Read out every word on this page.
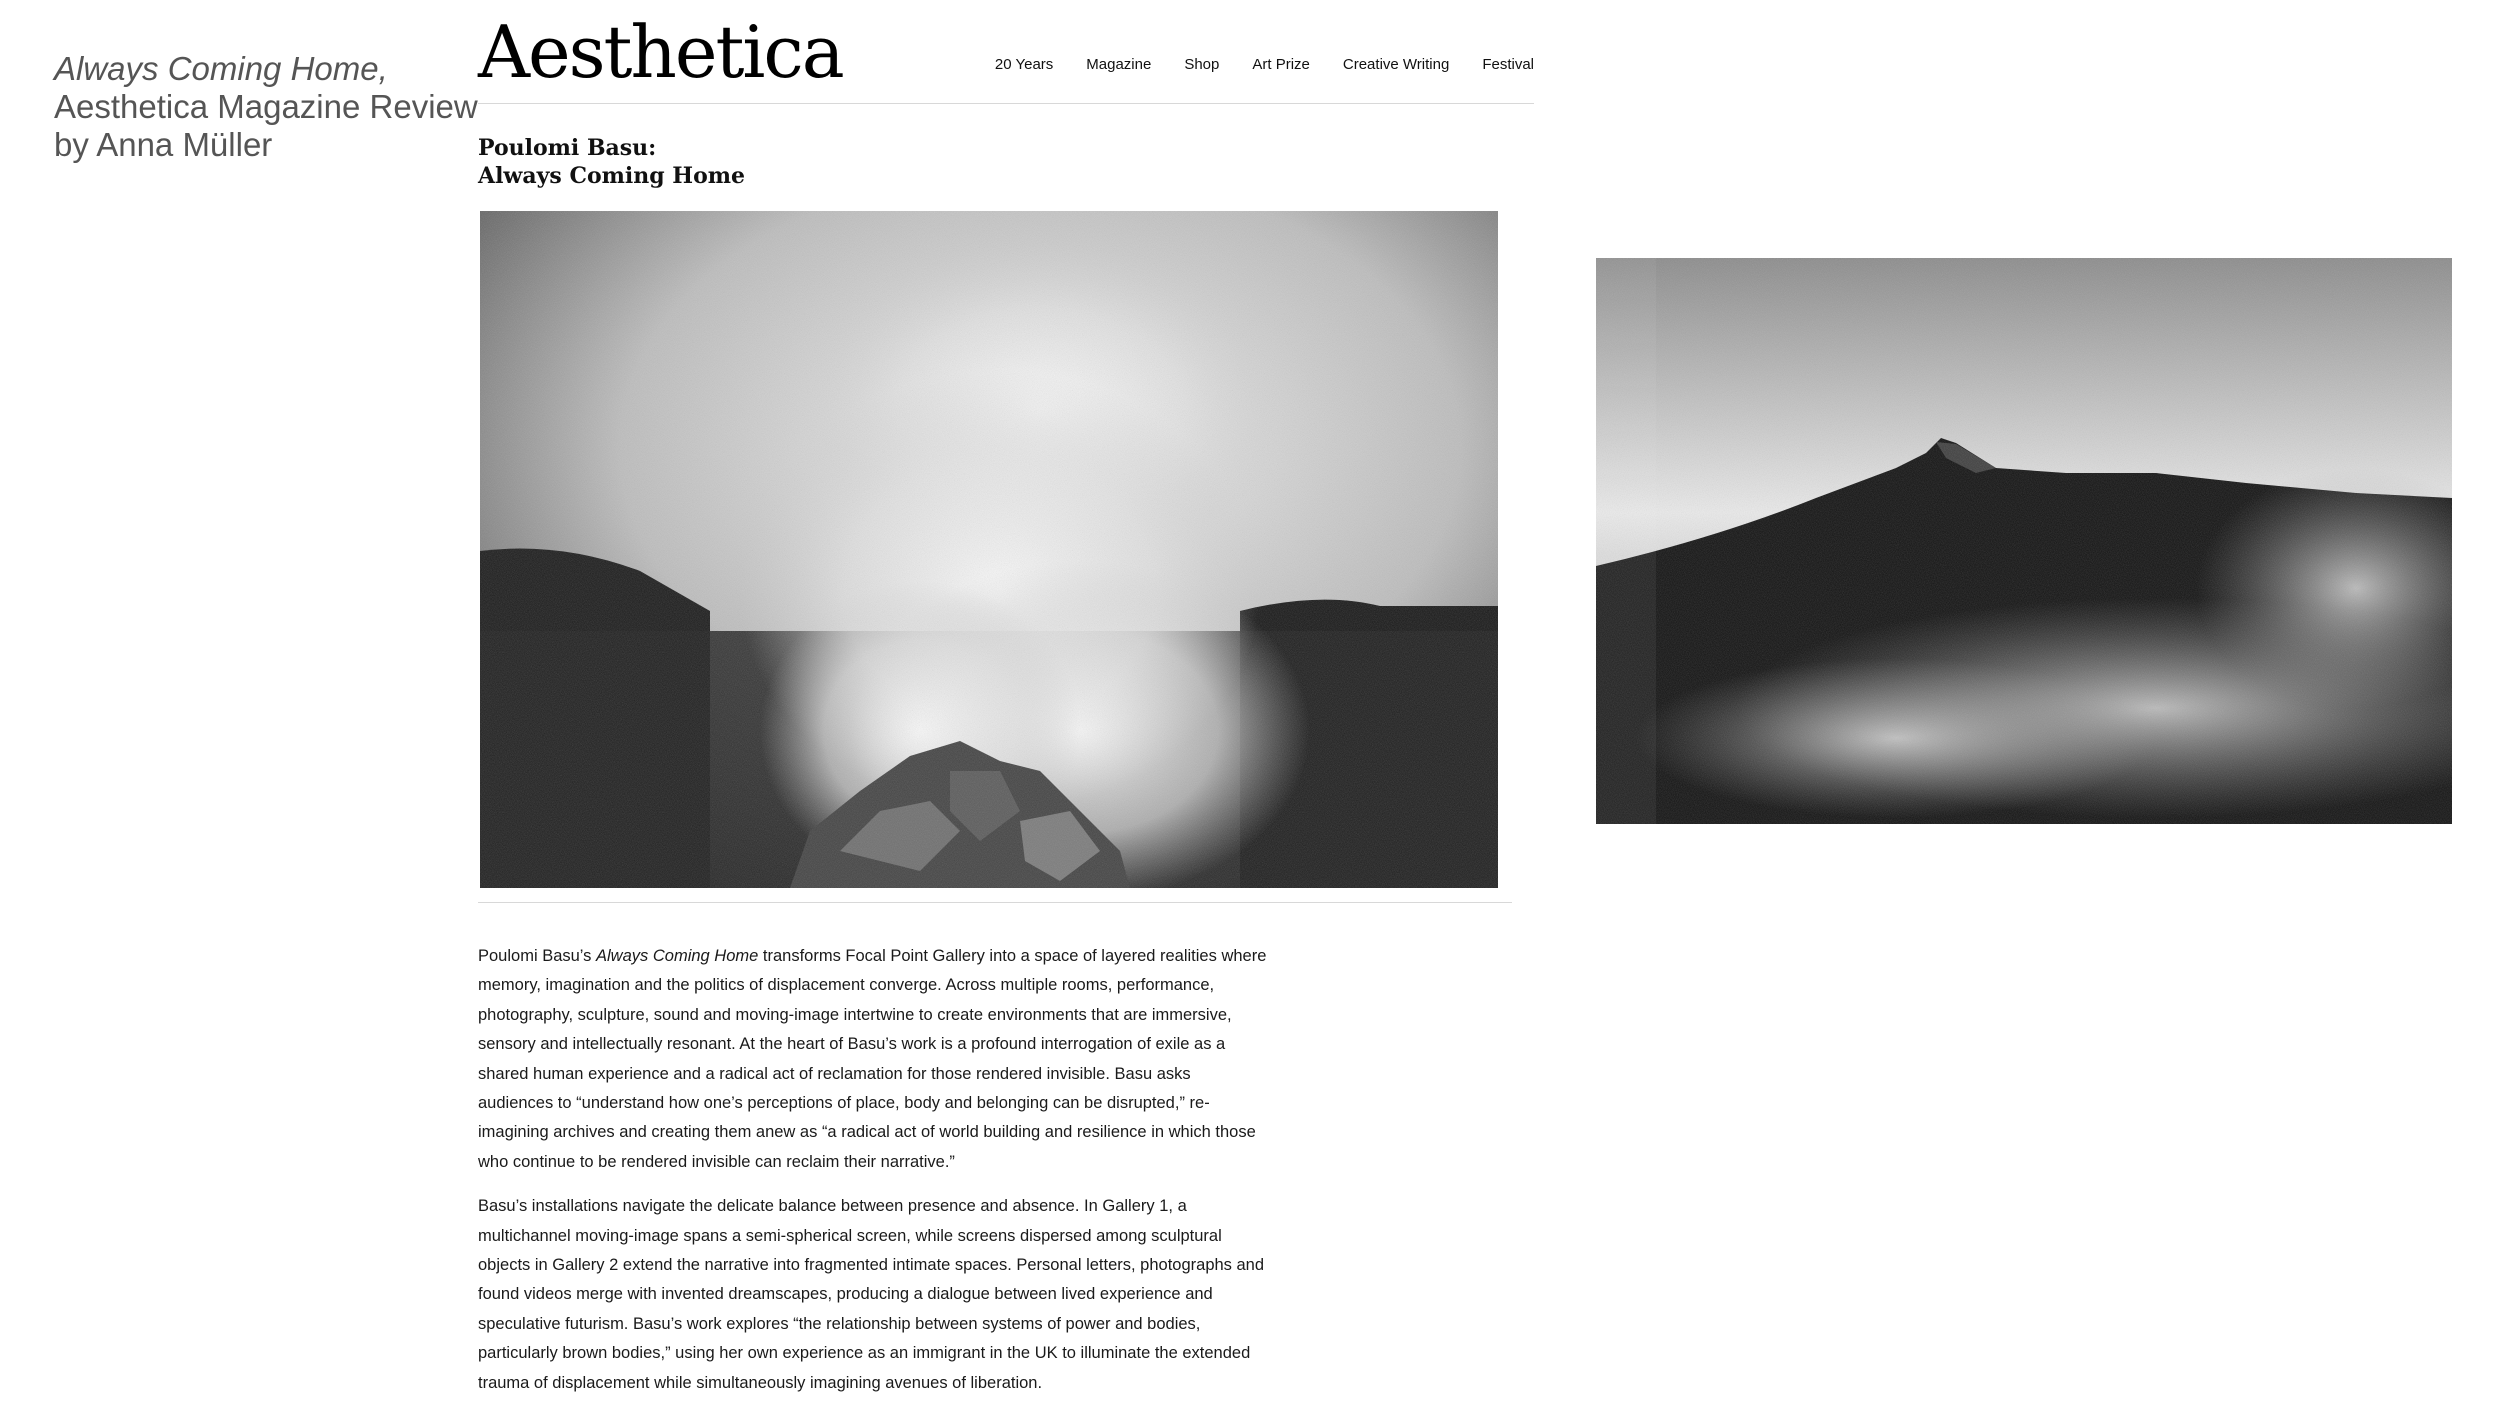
Always Coming Home,
Aesthetica Magazine Review
by Anna Müller
Aesthetica	20 Years Magazine Shop Art Prize Creative Writing Festival
Poulomi Basu:
Always Coming Home

Poulomi Basu’s Always Coming Home transforms Focal Point Gallery into a space of layered realities where memory, imagination and the politics of displacement converge. Across multiple rooms, performance, photography, sculpture, sound and moving-image intertwine to create environments that are immersive, sensory and intellectually resonant. At the heart of Basu’s work is a profound interrogation of exile as a shared human experience and a radical act of reclamation for those rendered invisible. Basu asks audiences to “understand how one’s perceptions of place, body and belonging can be disrupted,” re-imagining archives and creating them anew as “a radical act of world building and resilience in which those who continue to be rendered invisible can reclaim their narrative.”

Basu’s installations navigate the delicate balance between presence and absence. In Gallery 1, a multichannel moving-image spans a semi-spherical screen, while screens dispersed among sculptural objects in Gallery 2 extend the narrative into fragmented intimate spaces. Personal letters, photographs and found videos merge with invented dreamscapes, producing a dialogue between lived experience and speculative futurism. Basu’s work explores “the relationship between systems of power and bodies, particularly brown bodies,” using her own experience as an immigrant in the UK to illuminate the extended trauma of displacement while simultaneously imagining avenues of liberation.
